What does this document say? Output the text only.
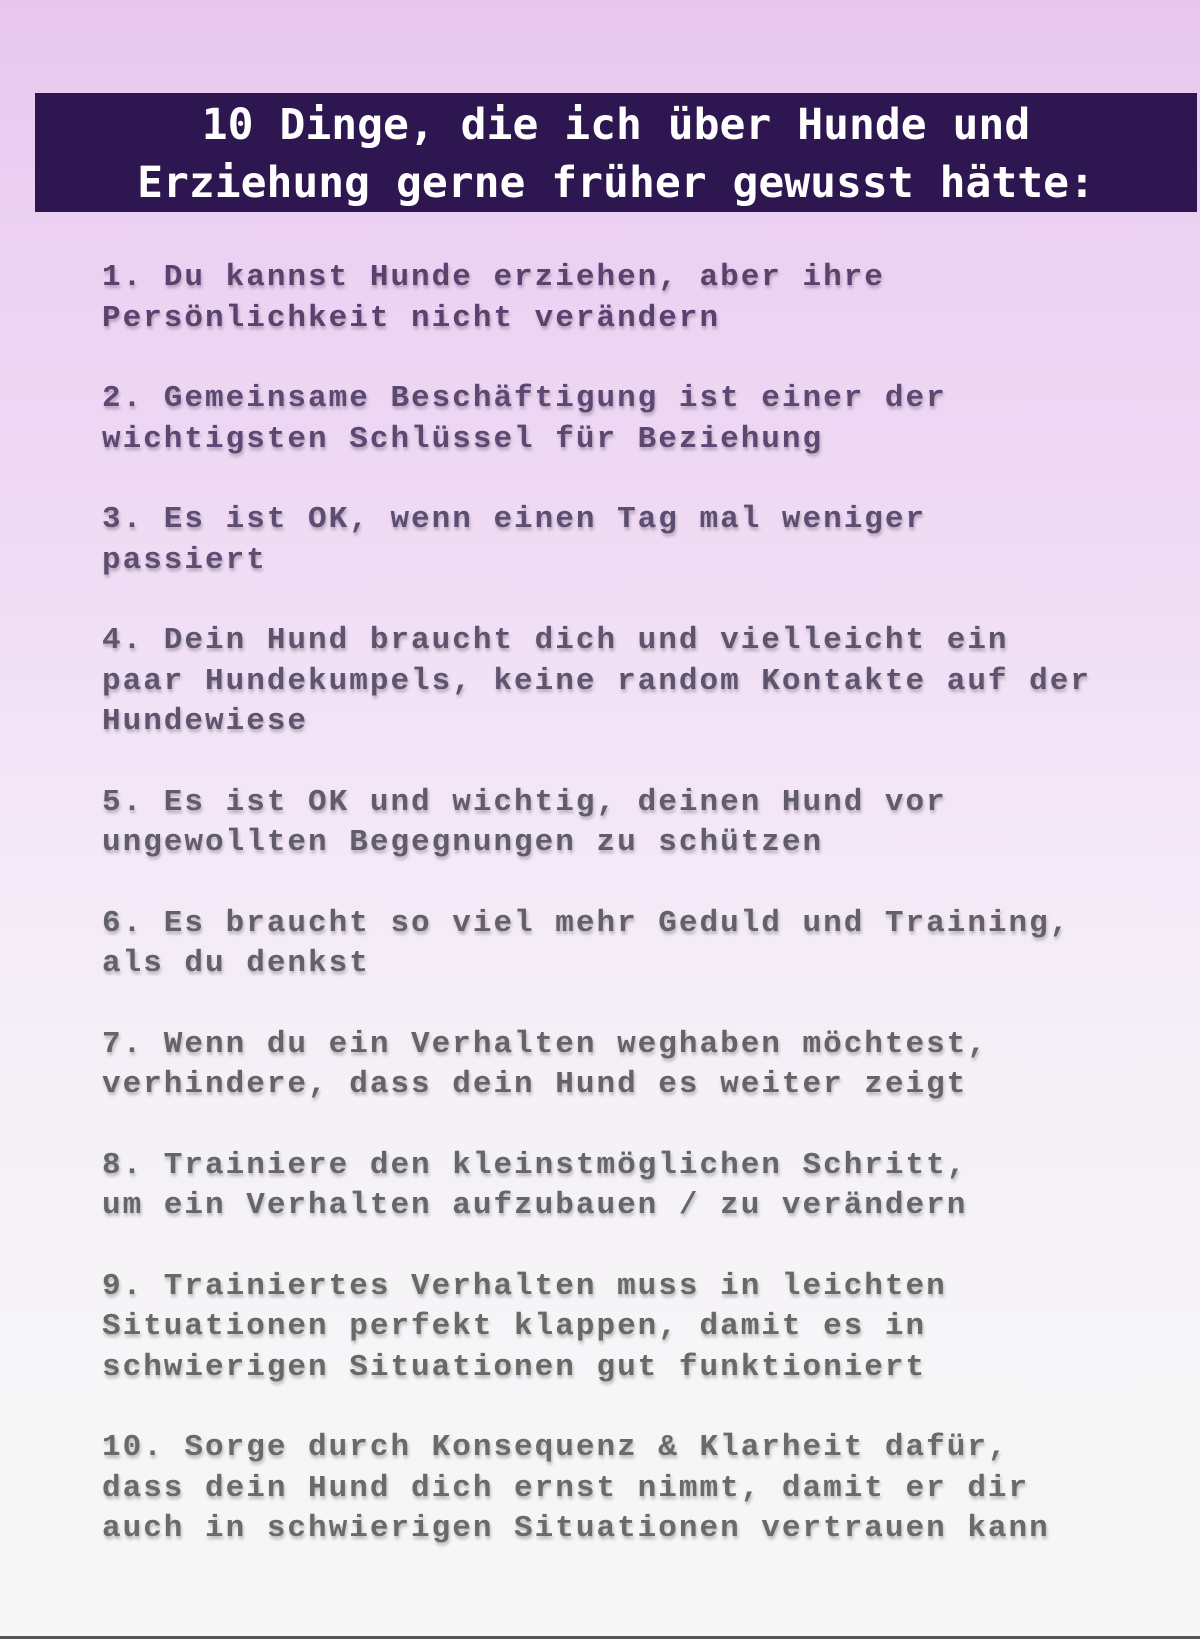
10 Dinge, die ich über Hunde und
Erziehung gerne früher gewusst hätte:
1. Du kannst Hunde erziehen, aber ihre
Persönlichkeit nicht verändern
2. Gemeinsame Beschäftigung ist einer der
wichtigsten Schlüssel für Beziehung
3. Es ist OK, wenn einen Tag mal weniger
passiert
4. Dein Hund braucht dich und vielleicht ein
paar Hundekumpels, keine random Kontakte auf der
Hundewiese
5. Es ist OK und wichtig, deinen Hund vor
ungewollten Begegnungen zu schützen
6. Es braucht so viel mehr Geduld und Training,
als du denkst
7. Wenn du ein Verhalten weghaben möchtest,
verhindere, dass dein Hund es weiter zeigt
8. Trainiere den kleinstmöglichen Schritt,
um ein Verhalten aufzubauen / zu verändern
9. Trainiertes Verhalten muss in leichten
Situationen perfekt klappen, damit es in
schwierigen Situationen gut funktioniert
10. Sorge durch Konsequenz & Klarheit dafür,
dass dein Hund dich ernst nimmt, damit er dir
auch in schwierigen Situationen vertrauen kann
